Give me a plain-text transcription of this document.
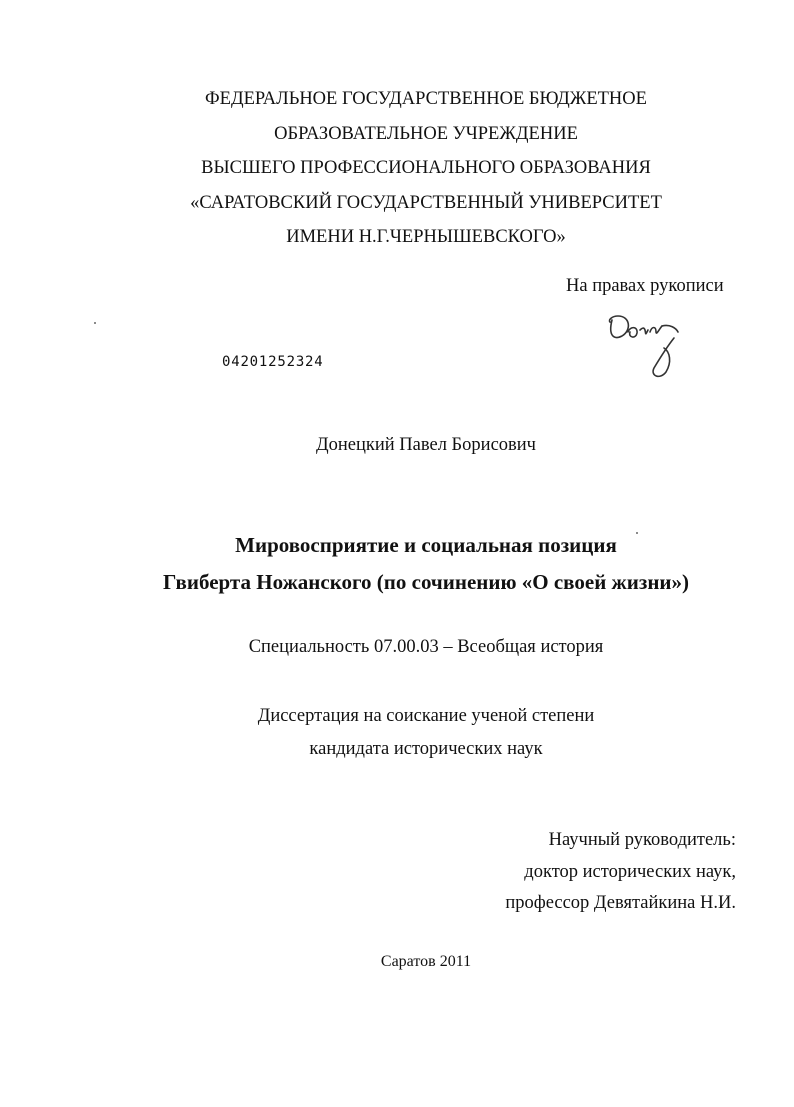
ФЕДЕРАЛЬНОЕ ГОСУДАРСТВЕННОЕ БЮДЖЕТНОЕ
ОБРАЗОВАТЕЛЬНОЕ УЧРЕЖДЕНИЕ
ВЫСШЕГО ПРОФЕССИОНАЛЬНОГО ОБРАЗОВАНИЯ
«САРАТОВСКИЙ ГОСУДАРСТВЕННЫЙ УНИВЕРСИТЕТ
ИМЕНИ Н.Г.ЧЕРНЫШЕВСКОГО»
На правах рукописи
04201252324
Донецкий Павел Борисович
Мировосприятие и социальная позиция
Гвиберта Ножанского (по сочинению «О своей жизни»)
Специальность 07.00.03 – Всеобщая история
Диссертация на соискание ученой степени
кандидата исторических наук
Научный руководитель:
доктор исторических наук,
профессор Девятайкина Н.И.
Саратов 2011
